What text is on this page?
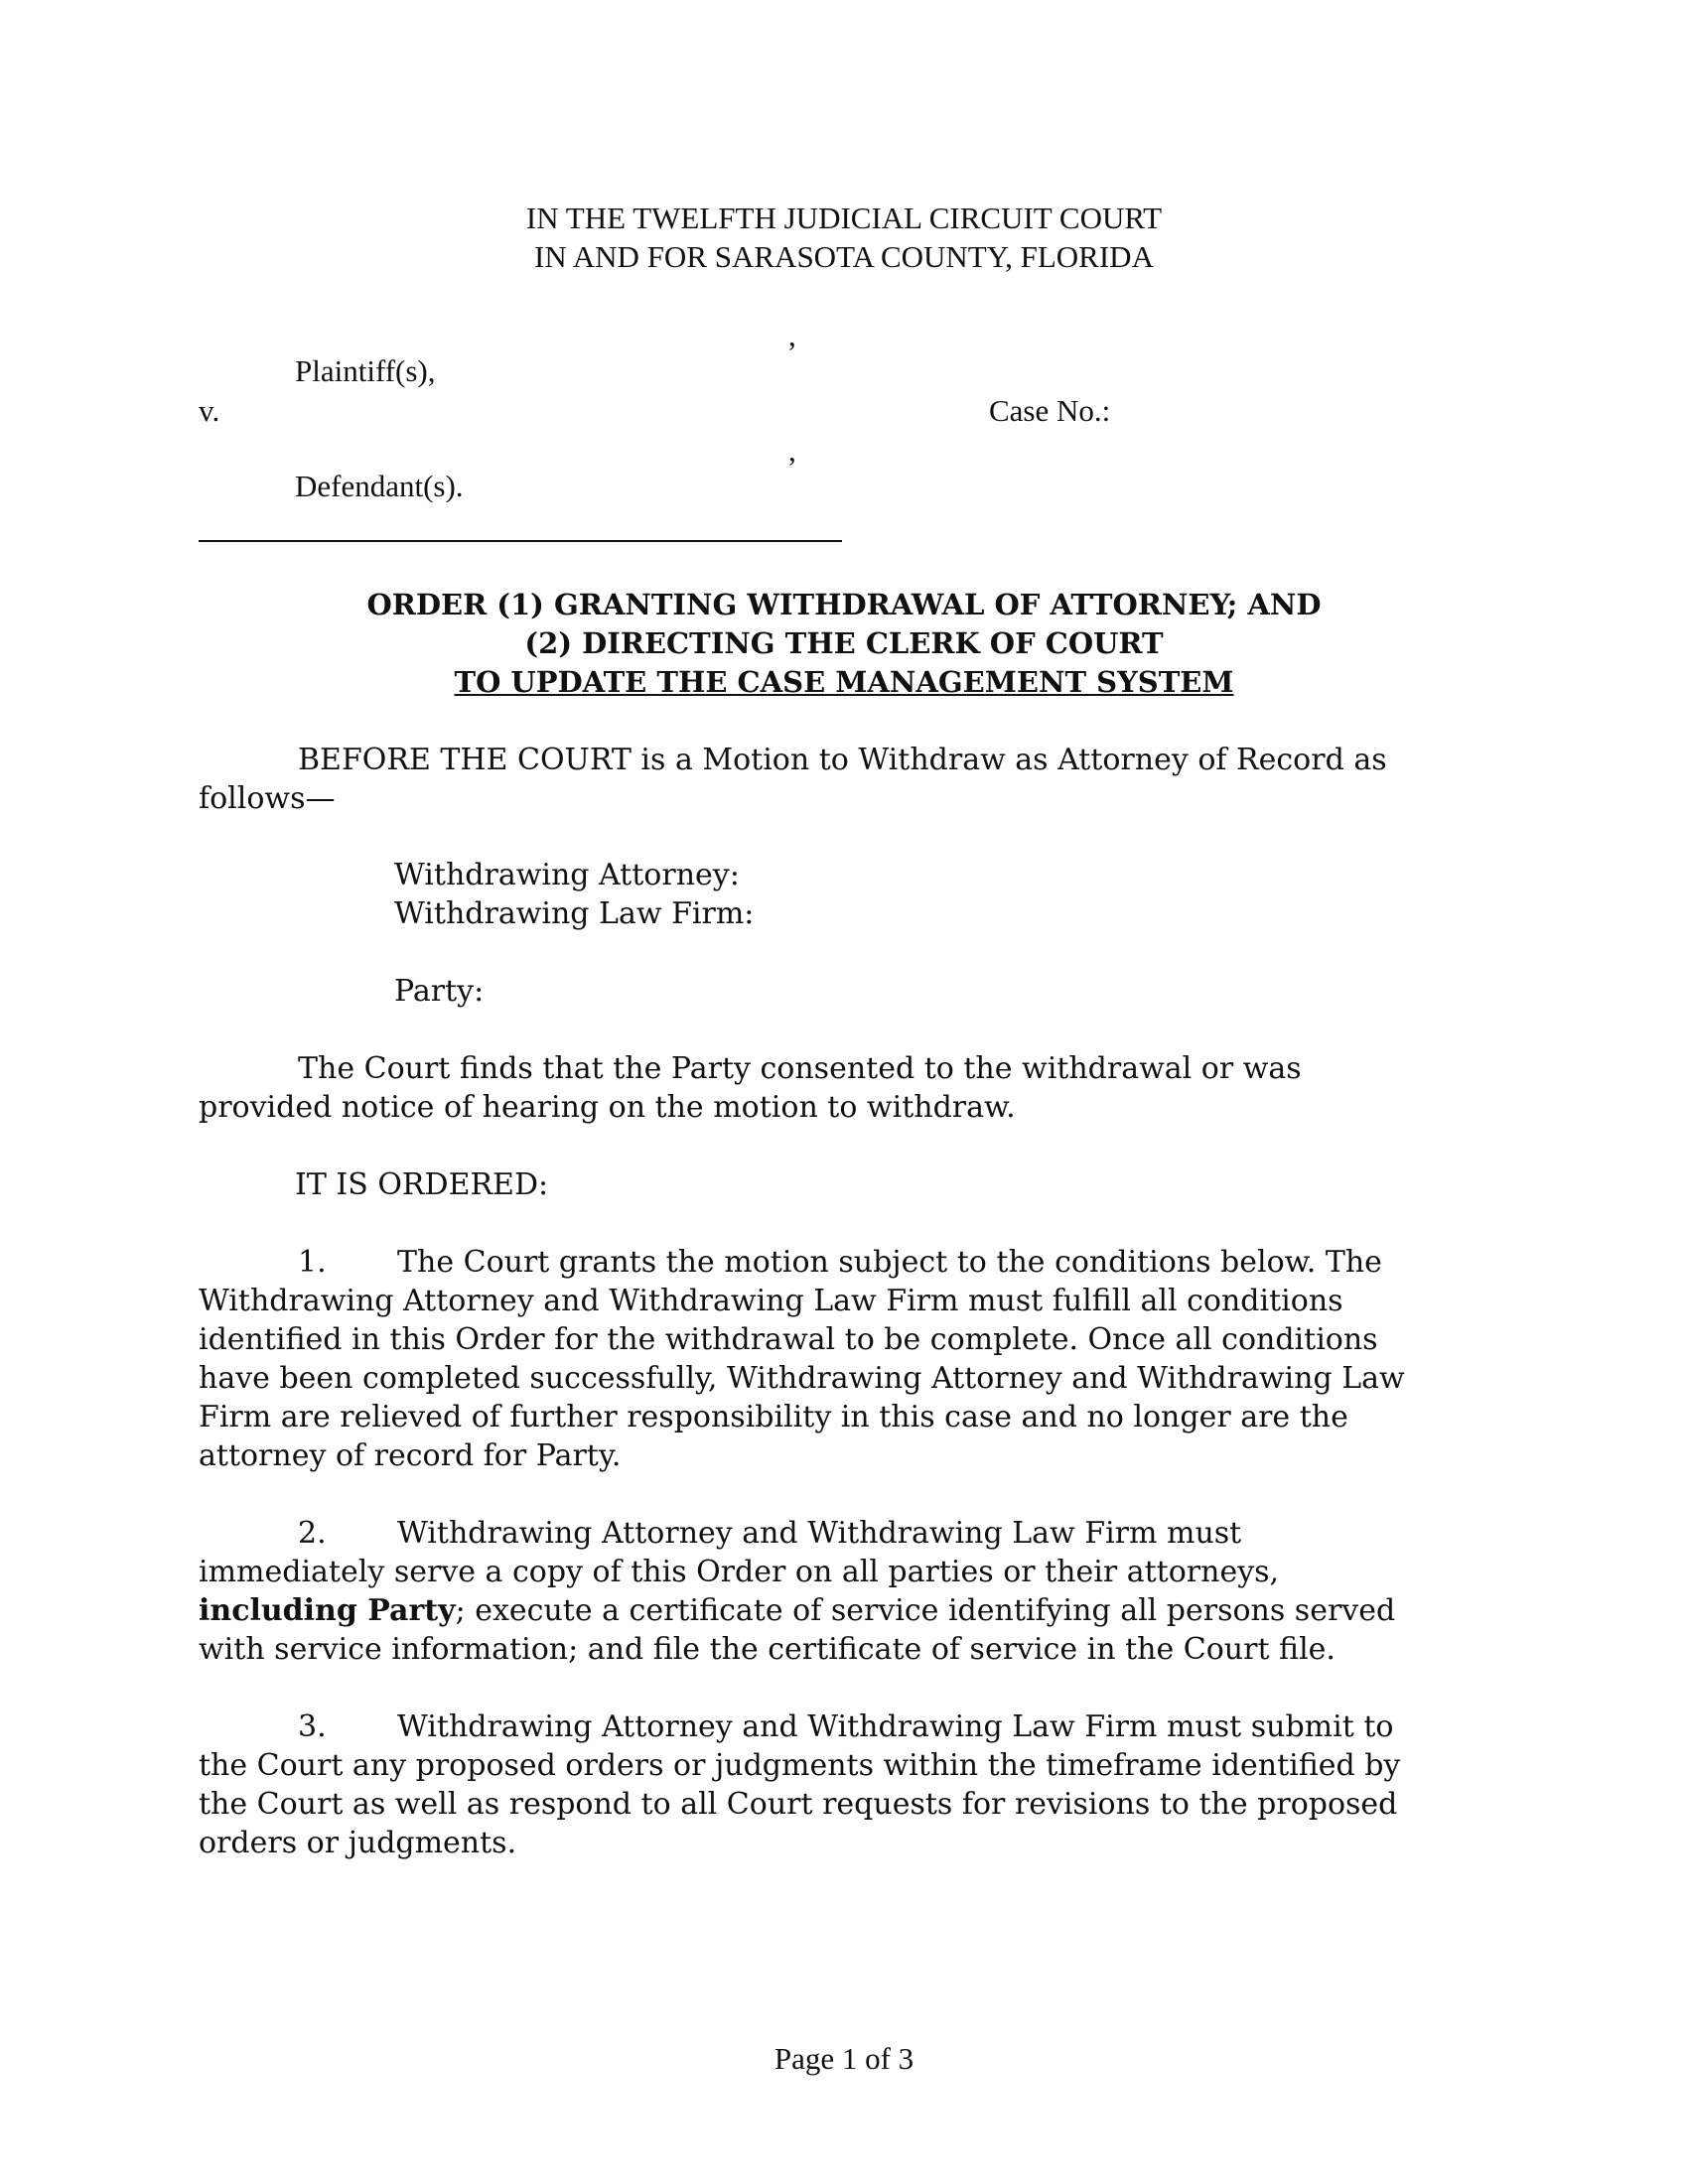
IN THE TWELFTH JUDICIAL CIRCUIT COURT
IN AND FOR SARASOTA COUNTY, FLORIDA
,
Plaintiff(s),
v.	Case No.:
,
Defendant(s).
ORDER (1) GRANTING WITHDRAWAL OF ATTORNEY; AND
(2) DIRECTING THE CLERK OF COURT
TO UPDATE THE CASE MANAGEMENT SYSTEM
BEFORE THE COURT is a Motion to Withdraw as Attorney of Record as
follows—
Withdrawing Attorney:
Withdrawing Law Firm:
Party:
The Court finds that the Party consented to the withdrawal or was
provided notice of hearing on the motion to withdraw.
IT IS ORDERED:
1. The Court grants the motion subject to the conditions below. The
Withdrawing Attorney and Withdrawing Law Firm must fulfill all conditions
identified in this Order for the withdrawal to be complete. Once all conditions
have been completed successfully, Withdrawing Attorney and Withdrawing Law
Firm are relieved of further responsibility in this case and no longer are the
attorney of record for Party.
2. Withdrawing Attorney and Withdrawing Law Firm must
immediately serve a copy of this Order on all parties or their attorneys,
including Party; execute a certificate of service identifying all persons served
with service information; and file the certificate of service in the Court file.
3. Withdrawing Attorney and Withdrawing Law Firm must submit to
the Court any proposed orders or judgments within the timeframe identified by
the Court as well as respond to all Court requests for revisions to the proposed
orders or judgments.
Page 1 of 3
